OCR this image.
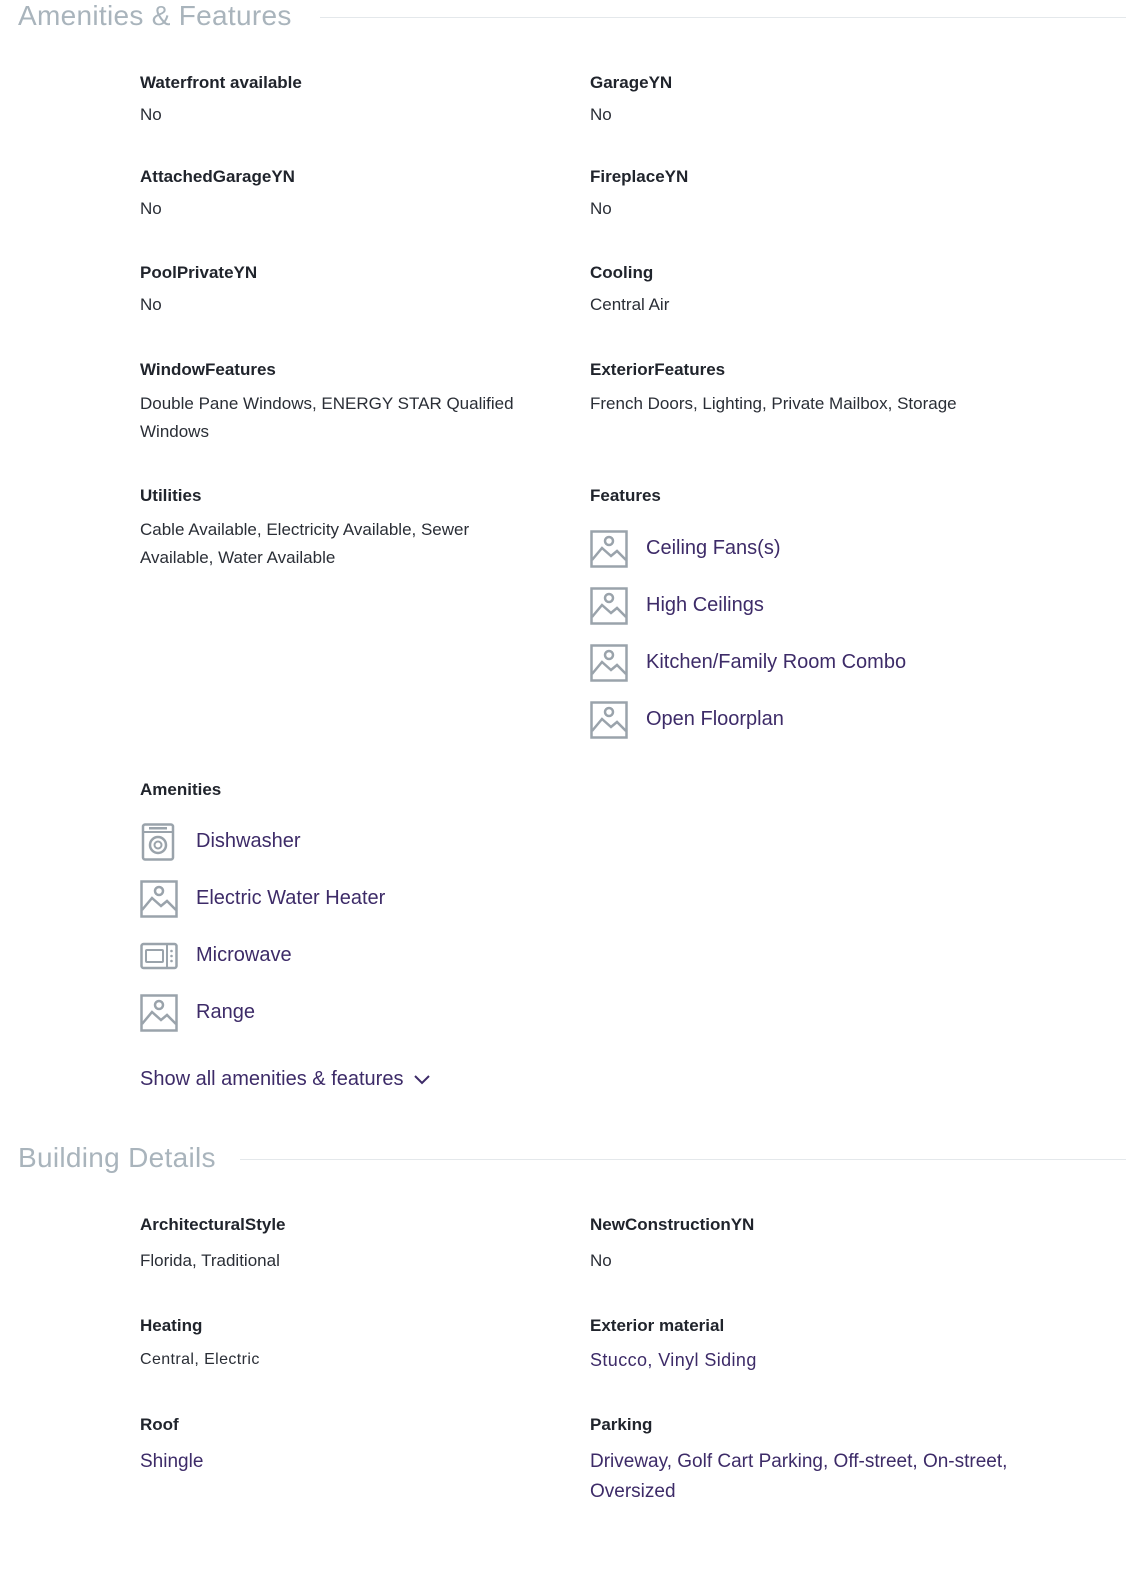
Amenities & Features
Waterfront available
No
GarageYN
No
AttachedGarageYN
No
FireplaceYN
No
PoolPrivateYN
No
Cooling
Central Air
WindowFeatures
Double Pane Windows, ENERGY STAR Qualified Windows
ExteriorFeatures
French Doors, Lighting, Private Mailbox, Storage
Utilities
Cable Available, Electricity Available, Sewer Available, Water Available
Features
Ceiling Fans(s)
High Ceilings
Kitchen/Family Room Combo
Open Floorplan
Amenities
Dishwasher
Electric Water Heater
Microwave
Range
Show all amenities & features
Building Details
ArchitecturalStyle
Florida, Traditional
NewConstructionYN
No
Heating
Central, Electric
Exterior material
Stucco, Vinyl Siding
Roof
Shingle
Parking
Driveway, Golf Cart Parking, Off-street, On-street, Oversized
